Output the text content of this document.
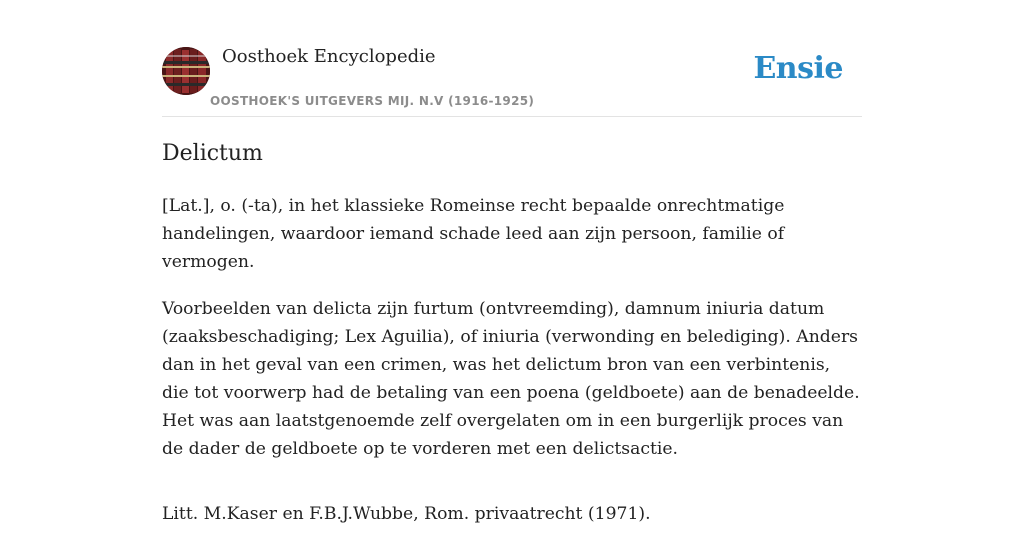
Oosthoek Encyclopedie
OOSTHOEK'S UITGEVERS MIJ. N.V (1916-1925)
Ensie
Delictum

[Lat.], o. (-ta), in het klassieke Romeinse recht bepaalde onrechtmatige handelingen, waardoor iemand schade leed aan zijn persoon, familie of vermogen.

Voorbeelden van delicta zijn furtum (ontvreemding), damnum iniuria datum (zaaksbeschadiging; Lex Aguilia), of iniuria (verwonding en belediging). Anders dan in het geval van een crimen, was het delictum bron van een verbintenis, die tot voorwerp had de betaling van een poena (geldboete) aan de benadeelde. Het was aan laatstgenoemde zelf overgelaten om in een burgerlijk proces van de dader de geldboete op te vorderen met een delictsactie.

Litt. M.Kaser en F.B.J.Wubbe, Rom. privaatrecht (1971).
